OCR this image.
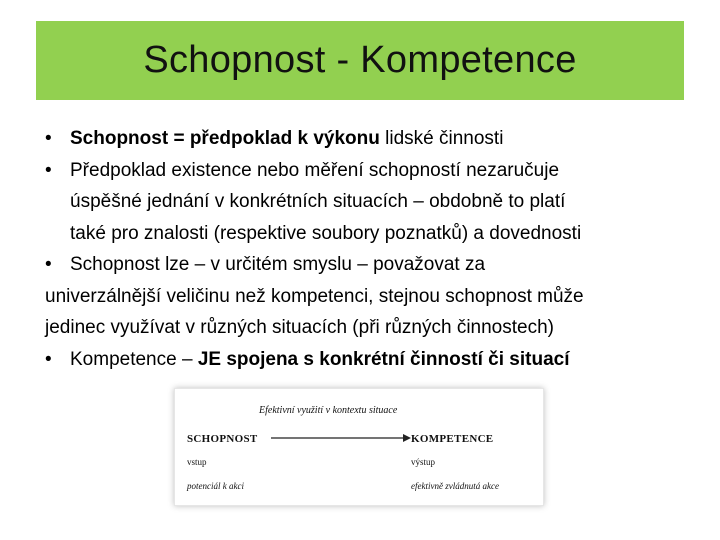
Schopnost - Kompetence
• Schopnost = předpoklad k výkonu lidské činnosti
• Předpoklad existence nebo měření schopností nezaručuje
úspěšné jednání v konkrétních situacích – obdobně to platí
také pro znalosti (respektive soubory poznatků) a dovednosti
• Schopnost lze – v určitém smyslu – považovat za
univerzálnější veličinu než kompetenci, stejnou schopnost může
jedinec využívat v různých situacích (při různých činnostech)
• Kompetence – JE spojena s konkrétní činností či situací
Efektivní využití v kontextu situace
SCHOPNOST	KOMPETENCE
vstup	výstup
potenciál k akci	efektivně zvládnutá akce
